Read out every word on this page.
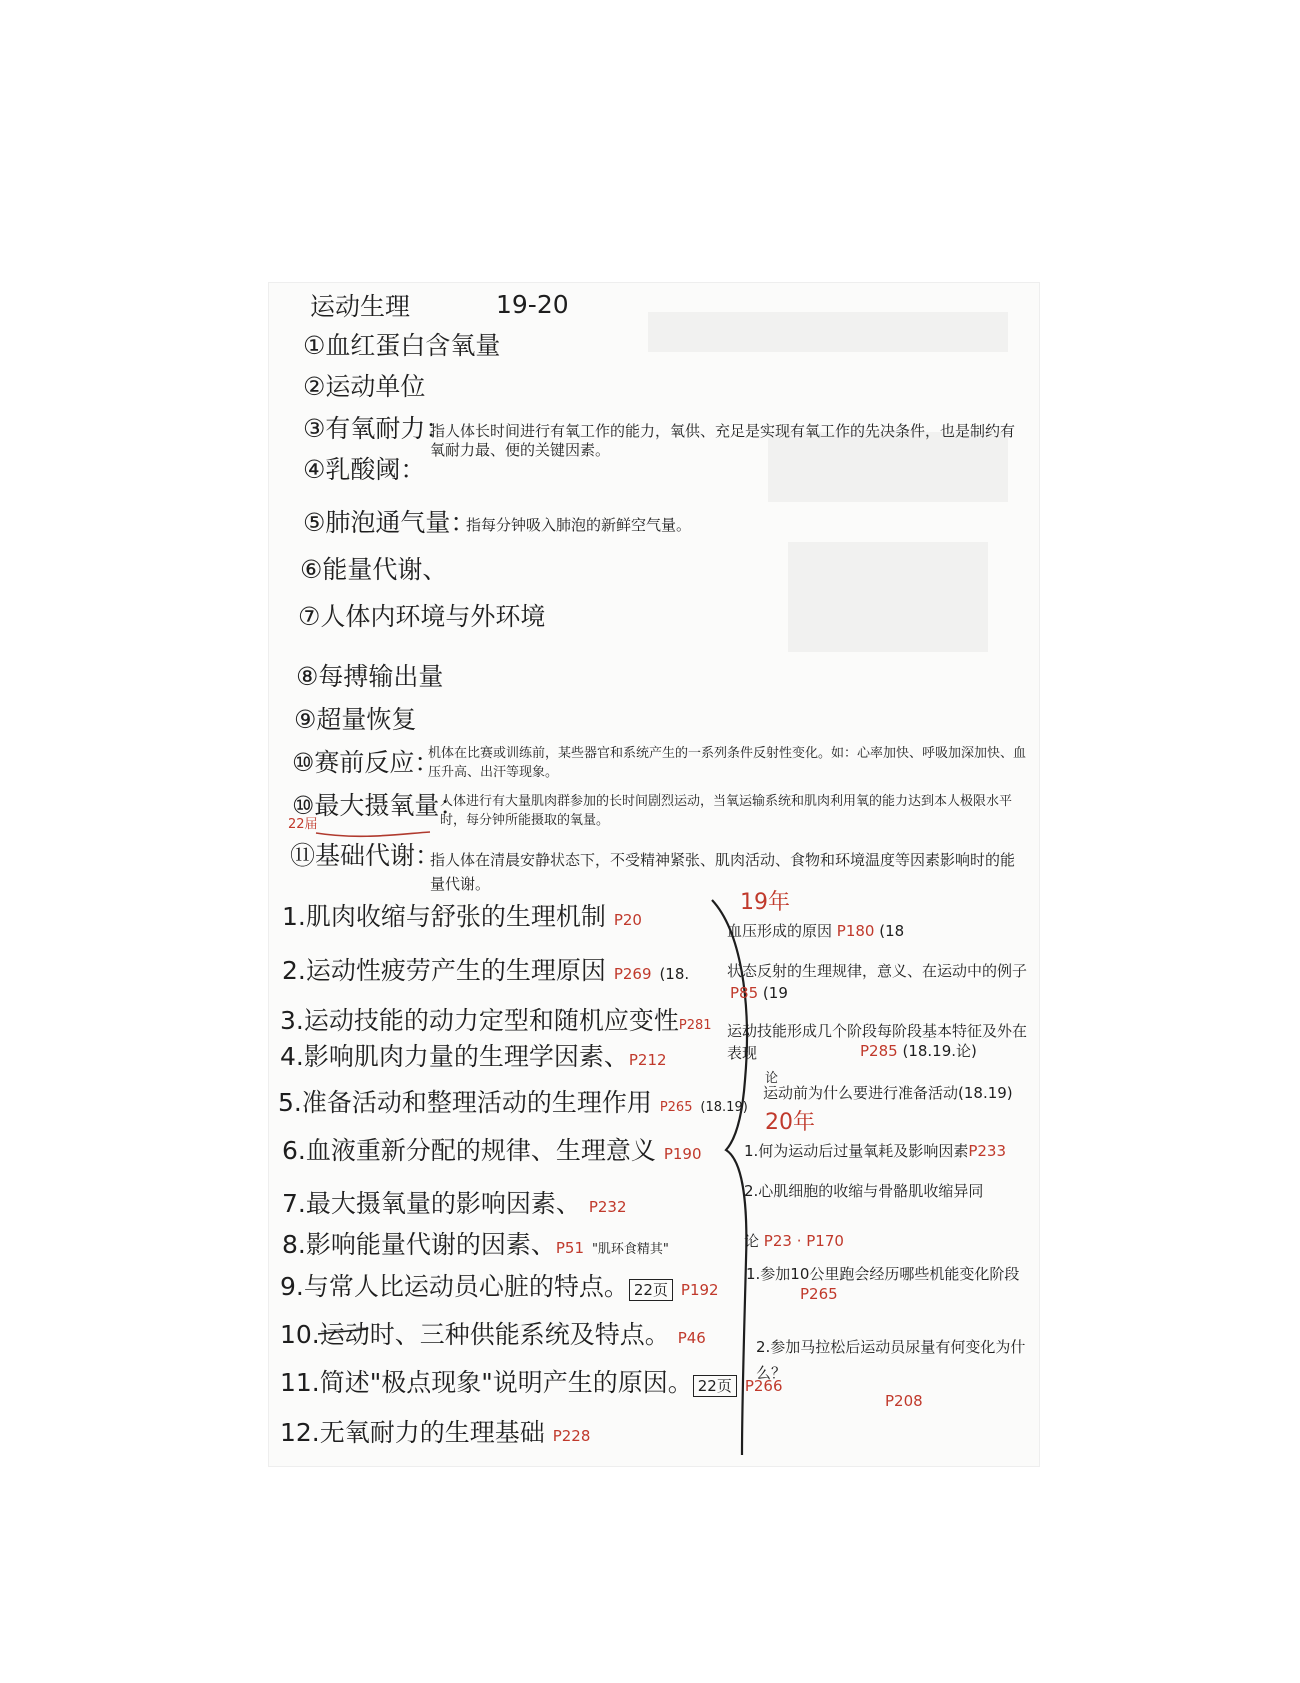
运动生理	19-20
①血红蛋白含氧量
②运动单位
③有氧耐力：
指人体长时间进行有氧工作的能力，氧供、充足是实现有氧工作的先决条件，也是制约有氧耐力最、便的关键因素。
④乳酸阈：
⑤肺泡通气量：
指每分钟吸入肺泡的新鲜空气量。
⑥能量代谢、
⑦人体内环境与外环境
⑧每搏输出量
⑨超量恢复
⑩赛前反应：
机体在比赛或训练前，某些器官和系统产生的一系列条件反射性变化。如：心率加快、呼吸加深加快、血压升高、出汗等现象。
⑩最大摄氧量：
22届
人体进行有大量肌肉群参加的长时间剧烈运动，当氧运输系统和肌肉利用氧的能力达到本人极限水平时，每分钟所能摄取的氧量。
⑪基础代谢：
指人体在清晨安静状态下，不受精神紧张、肌肉活动、食物和环境温度等因素影响时的能量代谢。
1.肌肉收缩与舒张的生理机制 P20
2.运动性疲劳产生的生理原因 P269 (18.
3.运动技能的动力定型和随机应变性P281
4.影响肌肉力量的生理学因素、P212
5.准备活动和整理活动的生理作用 P265 (18.19)
6.血液重新分配的规律、生理意义 P190
7.最大摄氧量的影响因素、 P232
8.影响能量代谢的因素、P51 "肌环食精其"
9.与常人比运动员心脏的特点。 22页 P192
10.运动时、三种供能系统及特点。 P46
11.简述"极点现象"说明产生的原因。 22页 P266
12.无氧耐力的生理基础 P228
19年
血压形成的原因 P180 (18
状态反射的生理规律，意义、在运动中的例子
P85 (19
运动技能形成几个阶段每阶段基本特征及外在表现	P285 (18.19.论)
论
运动前为什么要进行准备活动(18.19)
20年
1.何为运动后过量氧耗及影响因素P233
2.心肌细胞的收缩与骨骼肌收缩异同
论 P23 · P170
1.参加10公里跑会经历哪些机能变化阶段
P265
2.参加马拉松后运动员尿量有何变化为什么？
P208
